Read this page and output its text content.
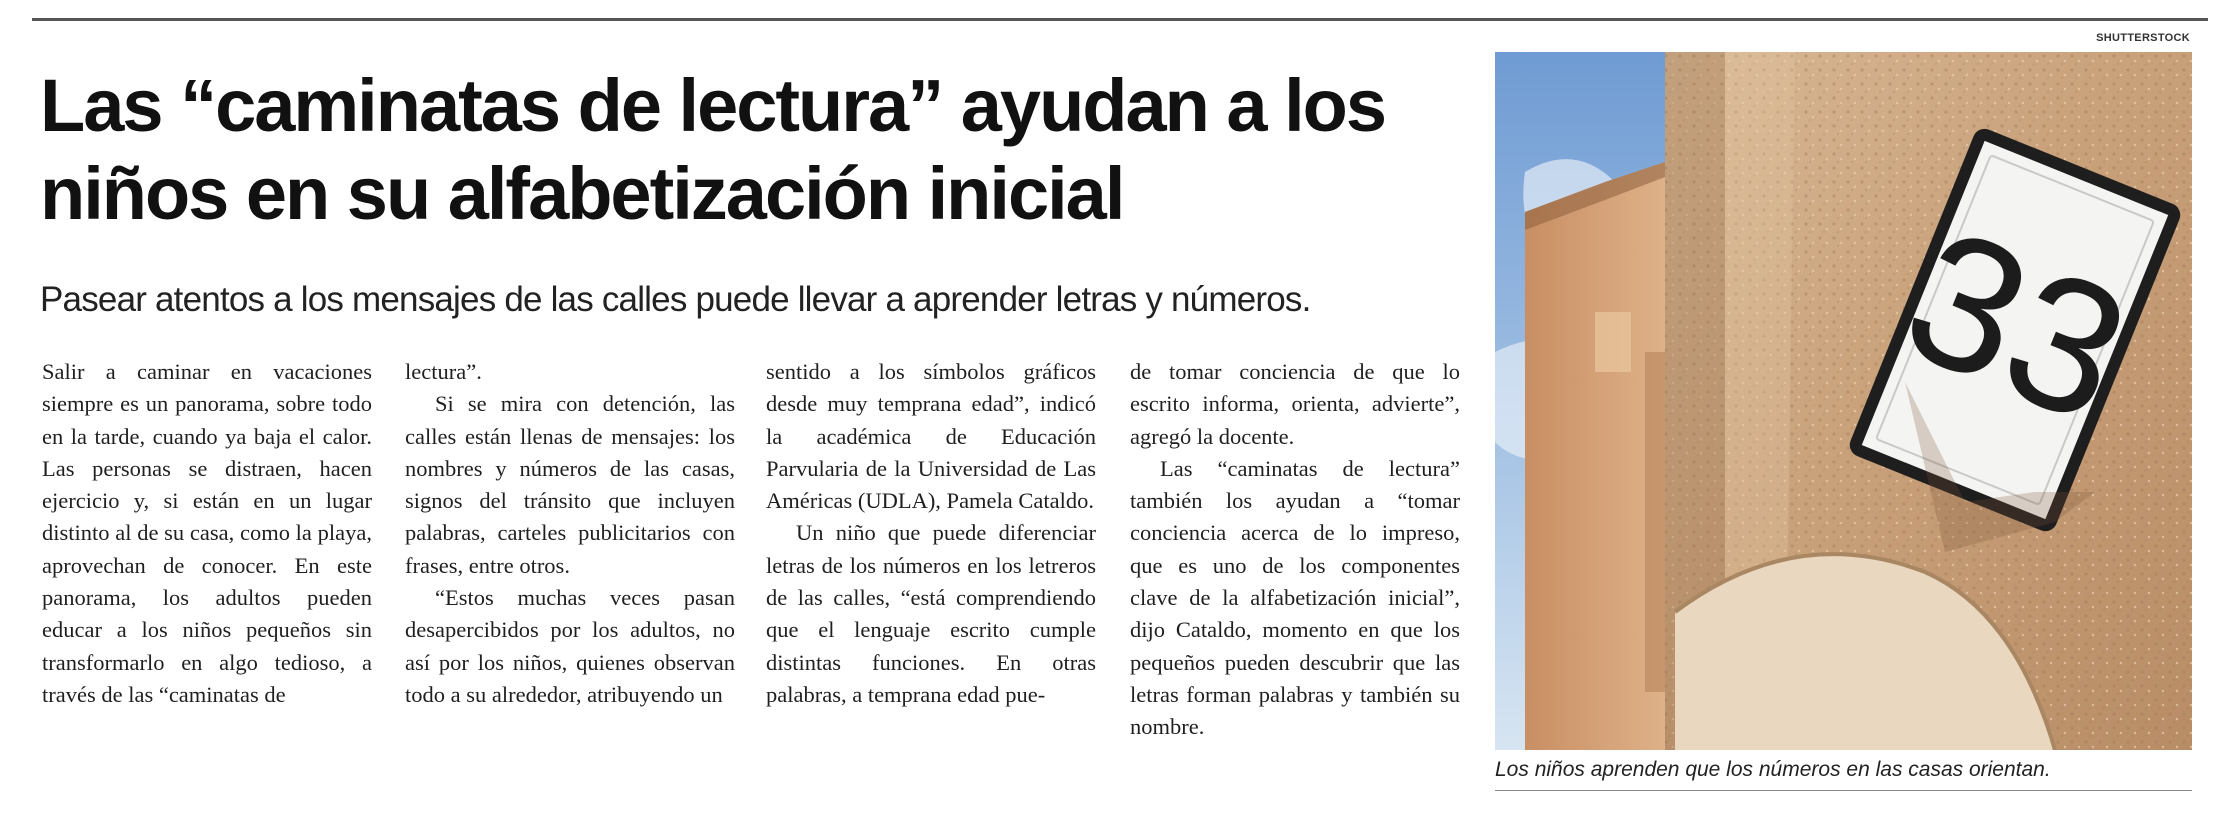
Las “caminatas de lectura” ayudan a los
niños en su alfabetización inicial
Pasear atentos a los mensajes de las calles puede llevar a aprender letras y números.

Salir a caminar en vacaciones siempre es un panorama, sobre todo en la tarde, cuando ya baja el calor. Las personas se distraen, hacen ejercicio y, si están en un lugar distinto al de su casa, como la playa, aprovechan de conocer. En este panorama, los adultos pueden educar a los niños pequeños sin transformarlo en algo tedioso, a través de las “caminatas de

lectura”.

Si se mira con detención, las calles están llenas de mensajes: los nombres y números de las casas, signos del tránsito que incluyen palabras, carteles publicitarios con frases, entre otros.

“Estos muchas veces pasan desapercibidos por los adultos, no así por los niños, quienes observan todo a su alrededor, atribuyendo un

sentido a los símbolos gráficos desde muy temprana edad”, indicó la académica de Educación Parvularia de la Universidad de Las Américas (UDLA), Pamela Cataldo.

Un niño que puede diferenciar letras de los números en los letreros de las calles, “está comprendiendo que el lenguaje escrito cumple distintas funciones. En otras palabras, a temprana edad pue-

de tomar conciencia de que lo escrito informa, orienta, advierte”, agregó la docente.

Las “caminatas de lectura” también los ayudan a “tomar conciencia acerca de lo impreso, que es uno de los componentes clave de la alfabetización inicial”, dijo Cataldo, momento en que los pequeños pueden descubrir que las letras forman palabras y también su nombre.

SHUTTERSTOCK
33
Los niños aprenden que los números en las casas orientan.
